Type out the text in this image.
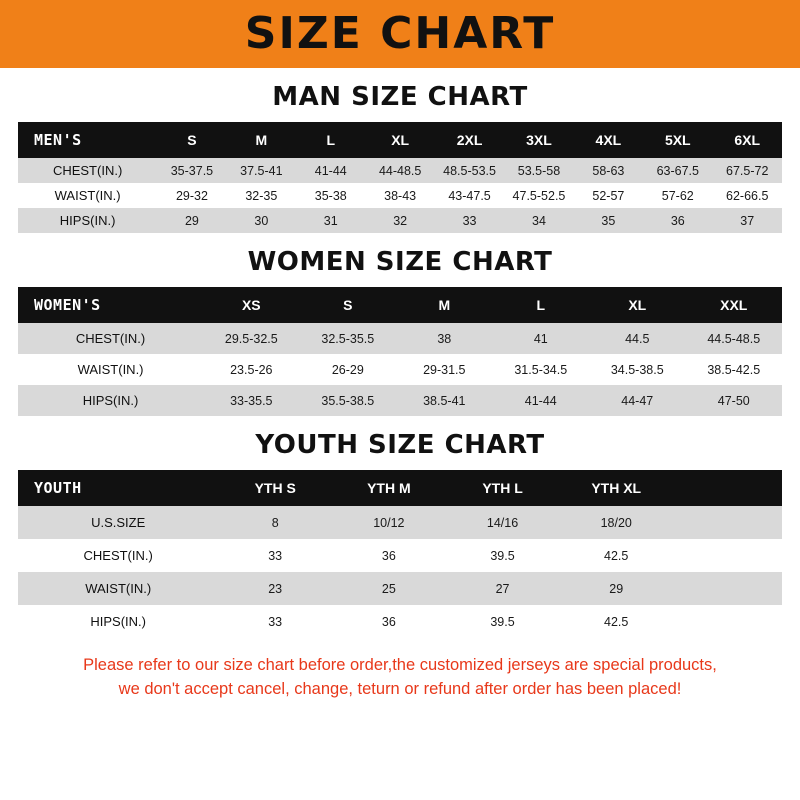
SIZE CHART
MAN SIZE CHART
MEN'S	S	M	L	XL	2XL	3XL	4XL	5XL	6XL
CHEST(IN.)	35-37.5	37.5-41	41-44	44-48.5	48.5-53.5	53.5-58	58-63	63-67.5	67.5-72
WAIST(IN.)	29-32	32-35	35-38	38-43	43-47.5	47.5-52.5	52-57	57-62	62-66.5
HIPS(IN.)	29	30	31	32	33	34	35	36	37
WOMEN SIZE CHART
WOMEN'S	XS	S	M	L	XL	XXL
CHEST(IN.)	29.5-32.5	32.5-35.5	38	41	44.5	44.5-48.5
WAIST(IN.)	23.5-26	26-29	29-31.5	31.5-34.5	34.5-38.5	38.5-42.5
HIPS(IN.)	33-35.5	35.5-38.5	38.5-41	41-44	44-47	47-50
YOUTH SIZE CHART
YOUTH	YTH S	YTH M	YTH L	YTH XL	
U.S.SIZE	8	10/12	14/16	18/20	
CHEST(IN.)	33	36	39.5	42.5	
WAIST(IN.)	23	25	27	29	
HIPS(IN.)	33	36	39.5	42.5	
Please refer to our size chart before order,the customized jerseys are special products,
we don't accept cancel, change, teturn or refund after order has been placed!
